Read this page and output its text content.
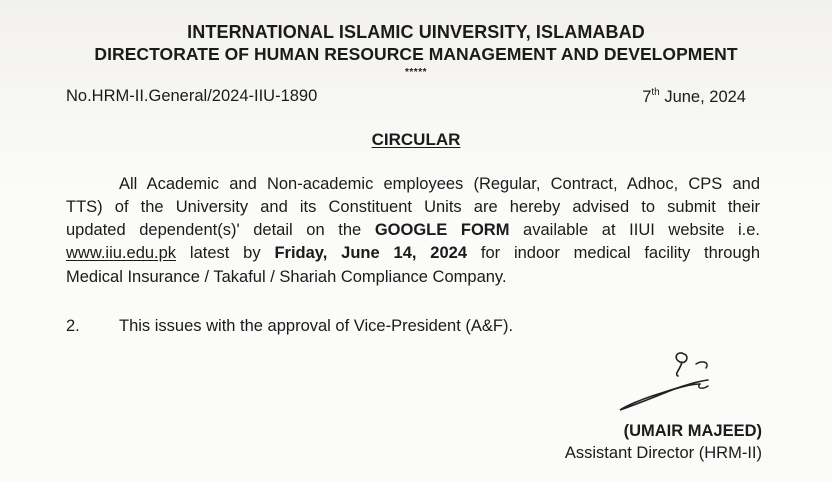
INTERNATIONAL ISLAMIC UINVERSITY, ISLAMABAD
DIRECTORATE OF HUMAN RESOURCE MANAGEMENT AND DEVELOPMENT
*****
No.HRM-II.General/2024-IIU-1890	7th June, 2024
CIRCULAR
All Academic and Non-academic employees (Regular, Contract, Adhoc, CPS and
TTS) of the University and its Constituent Units are hereby advised to submit their
updated dependent(s)' detail on the GOOGLE FORM available at IIUI website i.e.
www.iiu.edu.pk latest by Friday, June 14, 2024 for indoor medical facility through
Medical Insurance / Takaful / Shariah Compliance Company.
2. This issues with the approval of Vice-President (A&F).
(UMAIR MAJEED)
Assistant Director (HRM-II)
